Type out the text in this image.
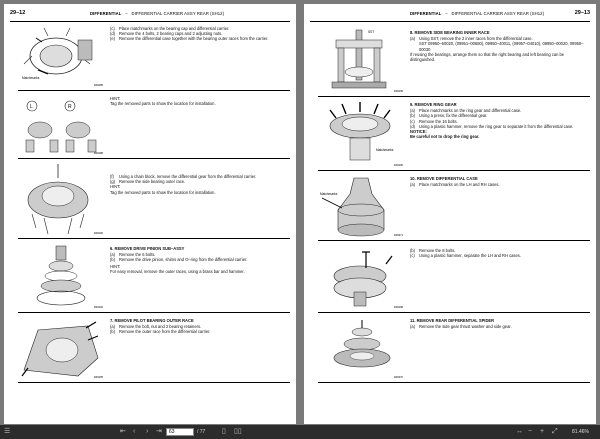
29–12	DIFFERENTIAL – DIFFERENTIAL CARRIER ASSY REAR (SH12)
Matchmarks
D06285
(c)	Place matchmarks on the bearing cap and differential carrier.
(d) Remove the 4 bolts, 2 bearing caps and 2 adjusting nuts.
(e) Remove the differential case together with the bearing outer races from the carrier.
L	R
D06288
HINT:
Tag the removed parts to show the location for installation.
D06290
(f)	Using a chain block, remove the differential gear from the differential carrier.
(g) Remove the side bearing outer race.
HINT:
Tag the removed parts to show the location for installation.
D06292
6. REMOVE DRIVE PINION SUB–ASSY
(a) Remove the 6 bolts.
(b) Remove the drive pinion, shims and O–ring from the differential carrier.
HINT:
For easy removal, remove the outer races, using a brass bar and hammer.
D06295
7. REMOVE PILOT BEARING OUTER RACE
(a) Remove the bolt, nut and 2 bearing retainers.
(b) Remove the outer race from the differential carrier.
DIFFERENTIAL – DIFFERENTIAL CARRIER ASSY REAR (SH12)	29–13
SST
D06295
8. REMOVE SIDE BEARING INNER RACE
(a) Using SST, remove the 2 inner races from the differential case.
SST 09950–60020, (09951–00680), 09950–40011, (09957–04010), 09950–00020, 09950–00030
If reusing the bearings, arrange them so that the right bearing and left bearing can be distinguished.
Matchmarks
D06296
9. REMOVE RING GEAR
(a) Place matchmarks on the ring gear and differential case.
(b) Using a press, fix the differential gear.
(c)	Remove the 16 bolts.
(d) Using a plastic hammer, remove the ring gear to separate it from the differential case.
NOTICE:
Be careful not to drop the ring gear.
Matchmarks
D06971
10. REMOVE DIFFERENTIAL CASE
(a) Place matchmarks on the LH and RH cases.
D06298
(b) Remove the 8 bolts.
(c)	Using a plastic hammer, separate the LH and RH cases.
D06370
11. REMOVE REAR DIFFERENTIAL SPIDER
(a) Remove the side gear thrust washer and side gear.
☰	⇤ ‹ › ⇥	63	/ 77 ▯ ▯▯	↔ − + ⤢	81.46%
